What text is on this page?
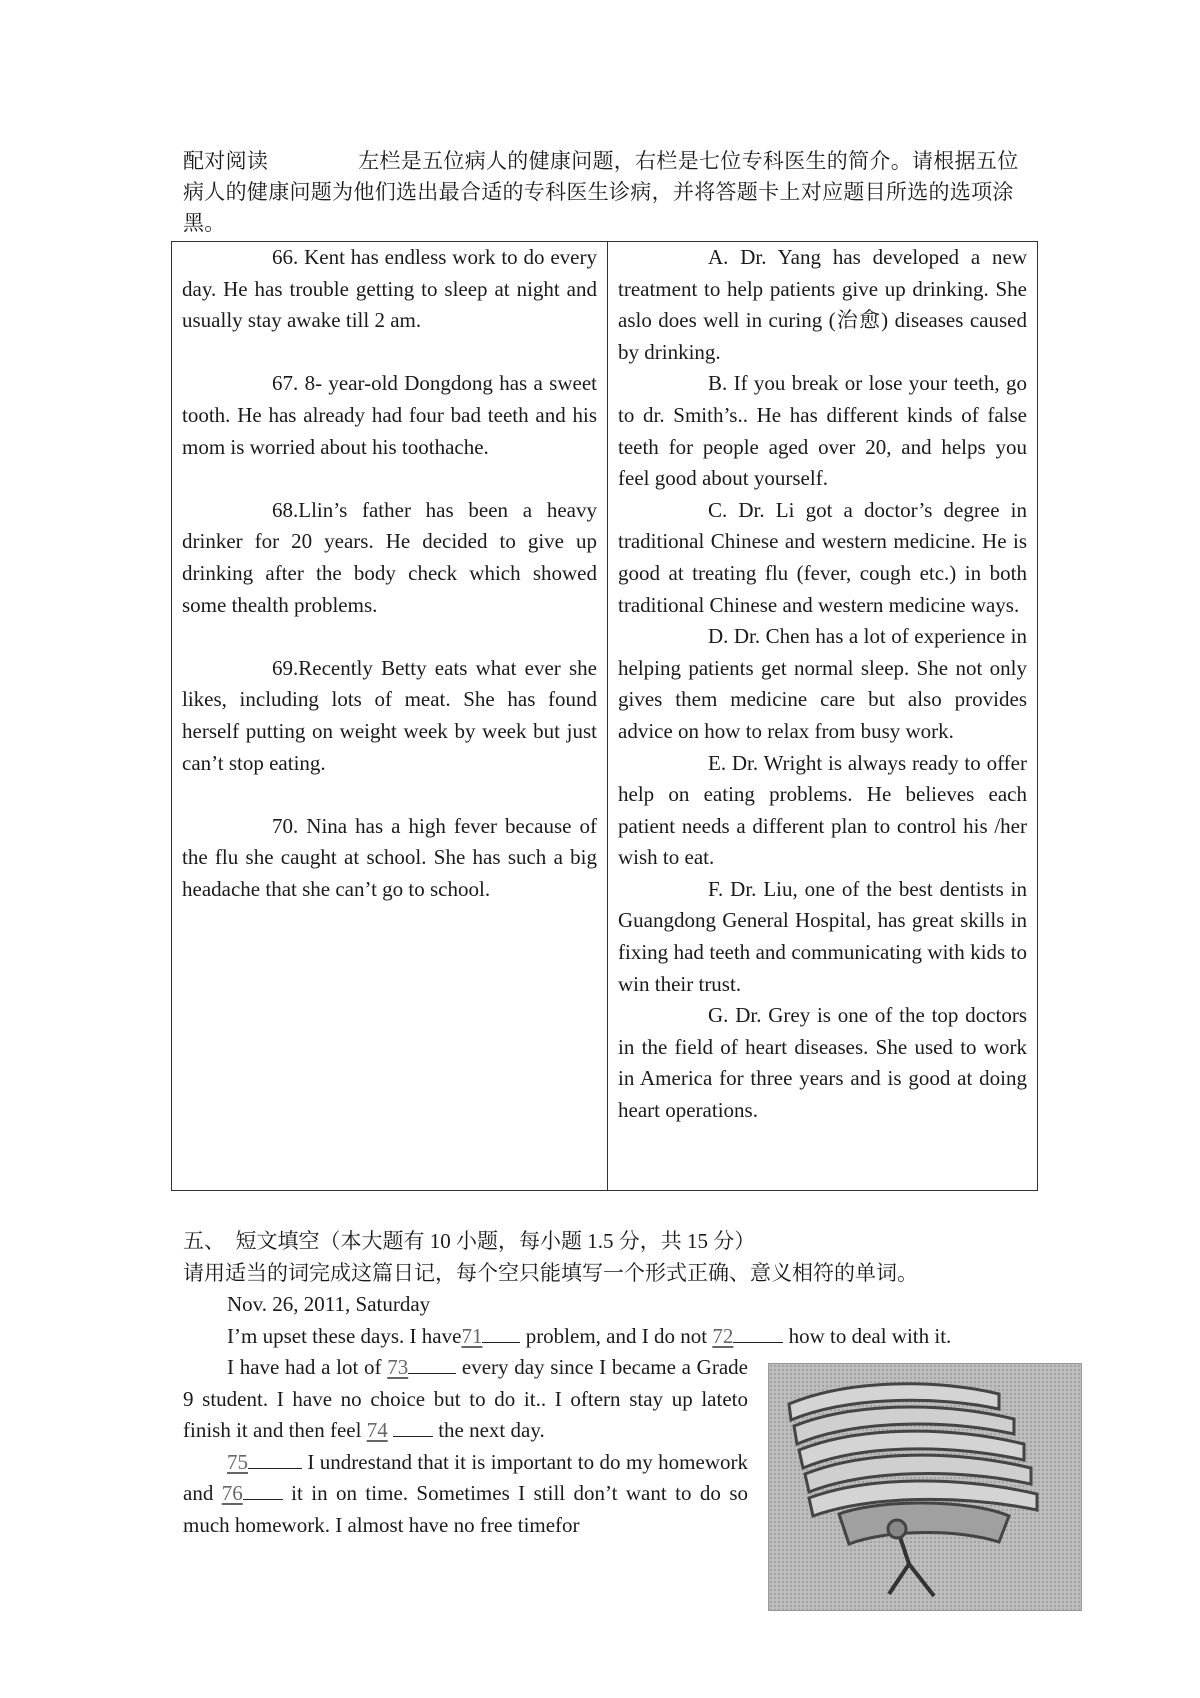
配对阅读	左栏是五位病人的健康问题，右栏是七位专科医生的简介。请根据五位病人的健康问题为他们选出最合适的专科医生诊病，并将答题卡上对应题目所选的选项涂黑。

66. Kent has endless work to do every day. He has trouble getting to sleep at night and usually stay awake till 2 am.

67. 8- year-old Dongdong has a sweet tooth. He has already had four bad teeth and his mom is worried about his toothache.

68.Llin’s father has been a heavy drinker for 20 years. He decided to give up drinking after the body check which showed some thealth problems.

69.Recently Betty eats what ever she likes, including lots of meat. She has found herself putting on weight week by week but just can’t stop eating.

70. Nina has a high fever because of the flu she caught at school. She has such a big headache that she can’t go to school.

A. Dr. Yang has developed a new treatment to help patients give up drinking. She aslo does well in curing (治愈) diseases caused by drinking.

B. If you break or lose your teeth, go to dr. Smith’s.. He has different kinds of false teeth for people aged over 20, and helps you feel good about yourself.

C. Dr. Li got a doctor’s degree in traditional Chinese and western medicine. He is good at treating flu (fever, cough etc.) in both traditional Chinese and western medicine ways.

D. Dr. Chen has a lot of experience in helping patients get normal sleep. She not only gives them medicine care but also provides advice on how to relax from busy work.

E. Dr. Wright is always ready to offer help on eating problems. He believes each patient needs a different plan to control his /her wish to eat.

F. Dr. Liu, one of the best dentists in Guangdong General Hospital, has great skills in fixing had teeth and communicating with kids to win their trust.

G. Dr. Grey is one of the top doctors in the field of heart diseases. She used to work in America for three years and is good at doing heart operations.

五、 短文填空（本大题有 10 小题，每小题 1.5 分，共 15 分）
请用适当的词完成这篇日记，每个空只能填写一个形式正确、意义相符的单词。
Nov. 26, 2011, Saturday
I’m upset these days. I have71 problem, and I do not 72 how to deal with it.

I have had a lot of 73 every day since I became a Grade 9 student. I have no choice but to do it.. I oftern stay up lateto finish it and then feel 74  the next day.

75	I undrestand that it is important to do my homework and 76 it in on time. Sometimes I still don’t want to do so much homework. I almost have no free timefor
